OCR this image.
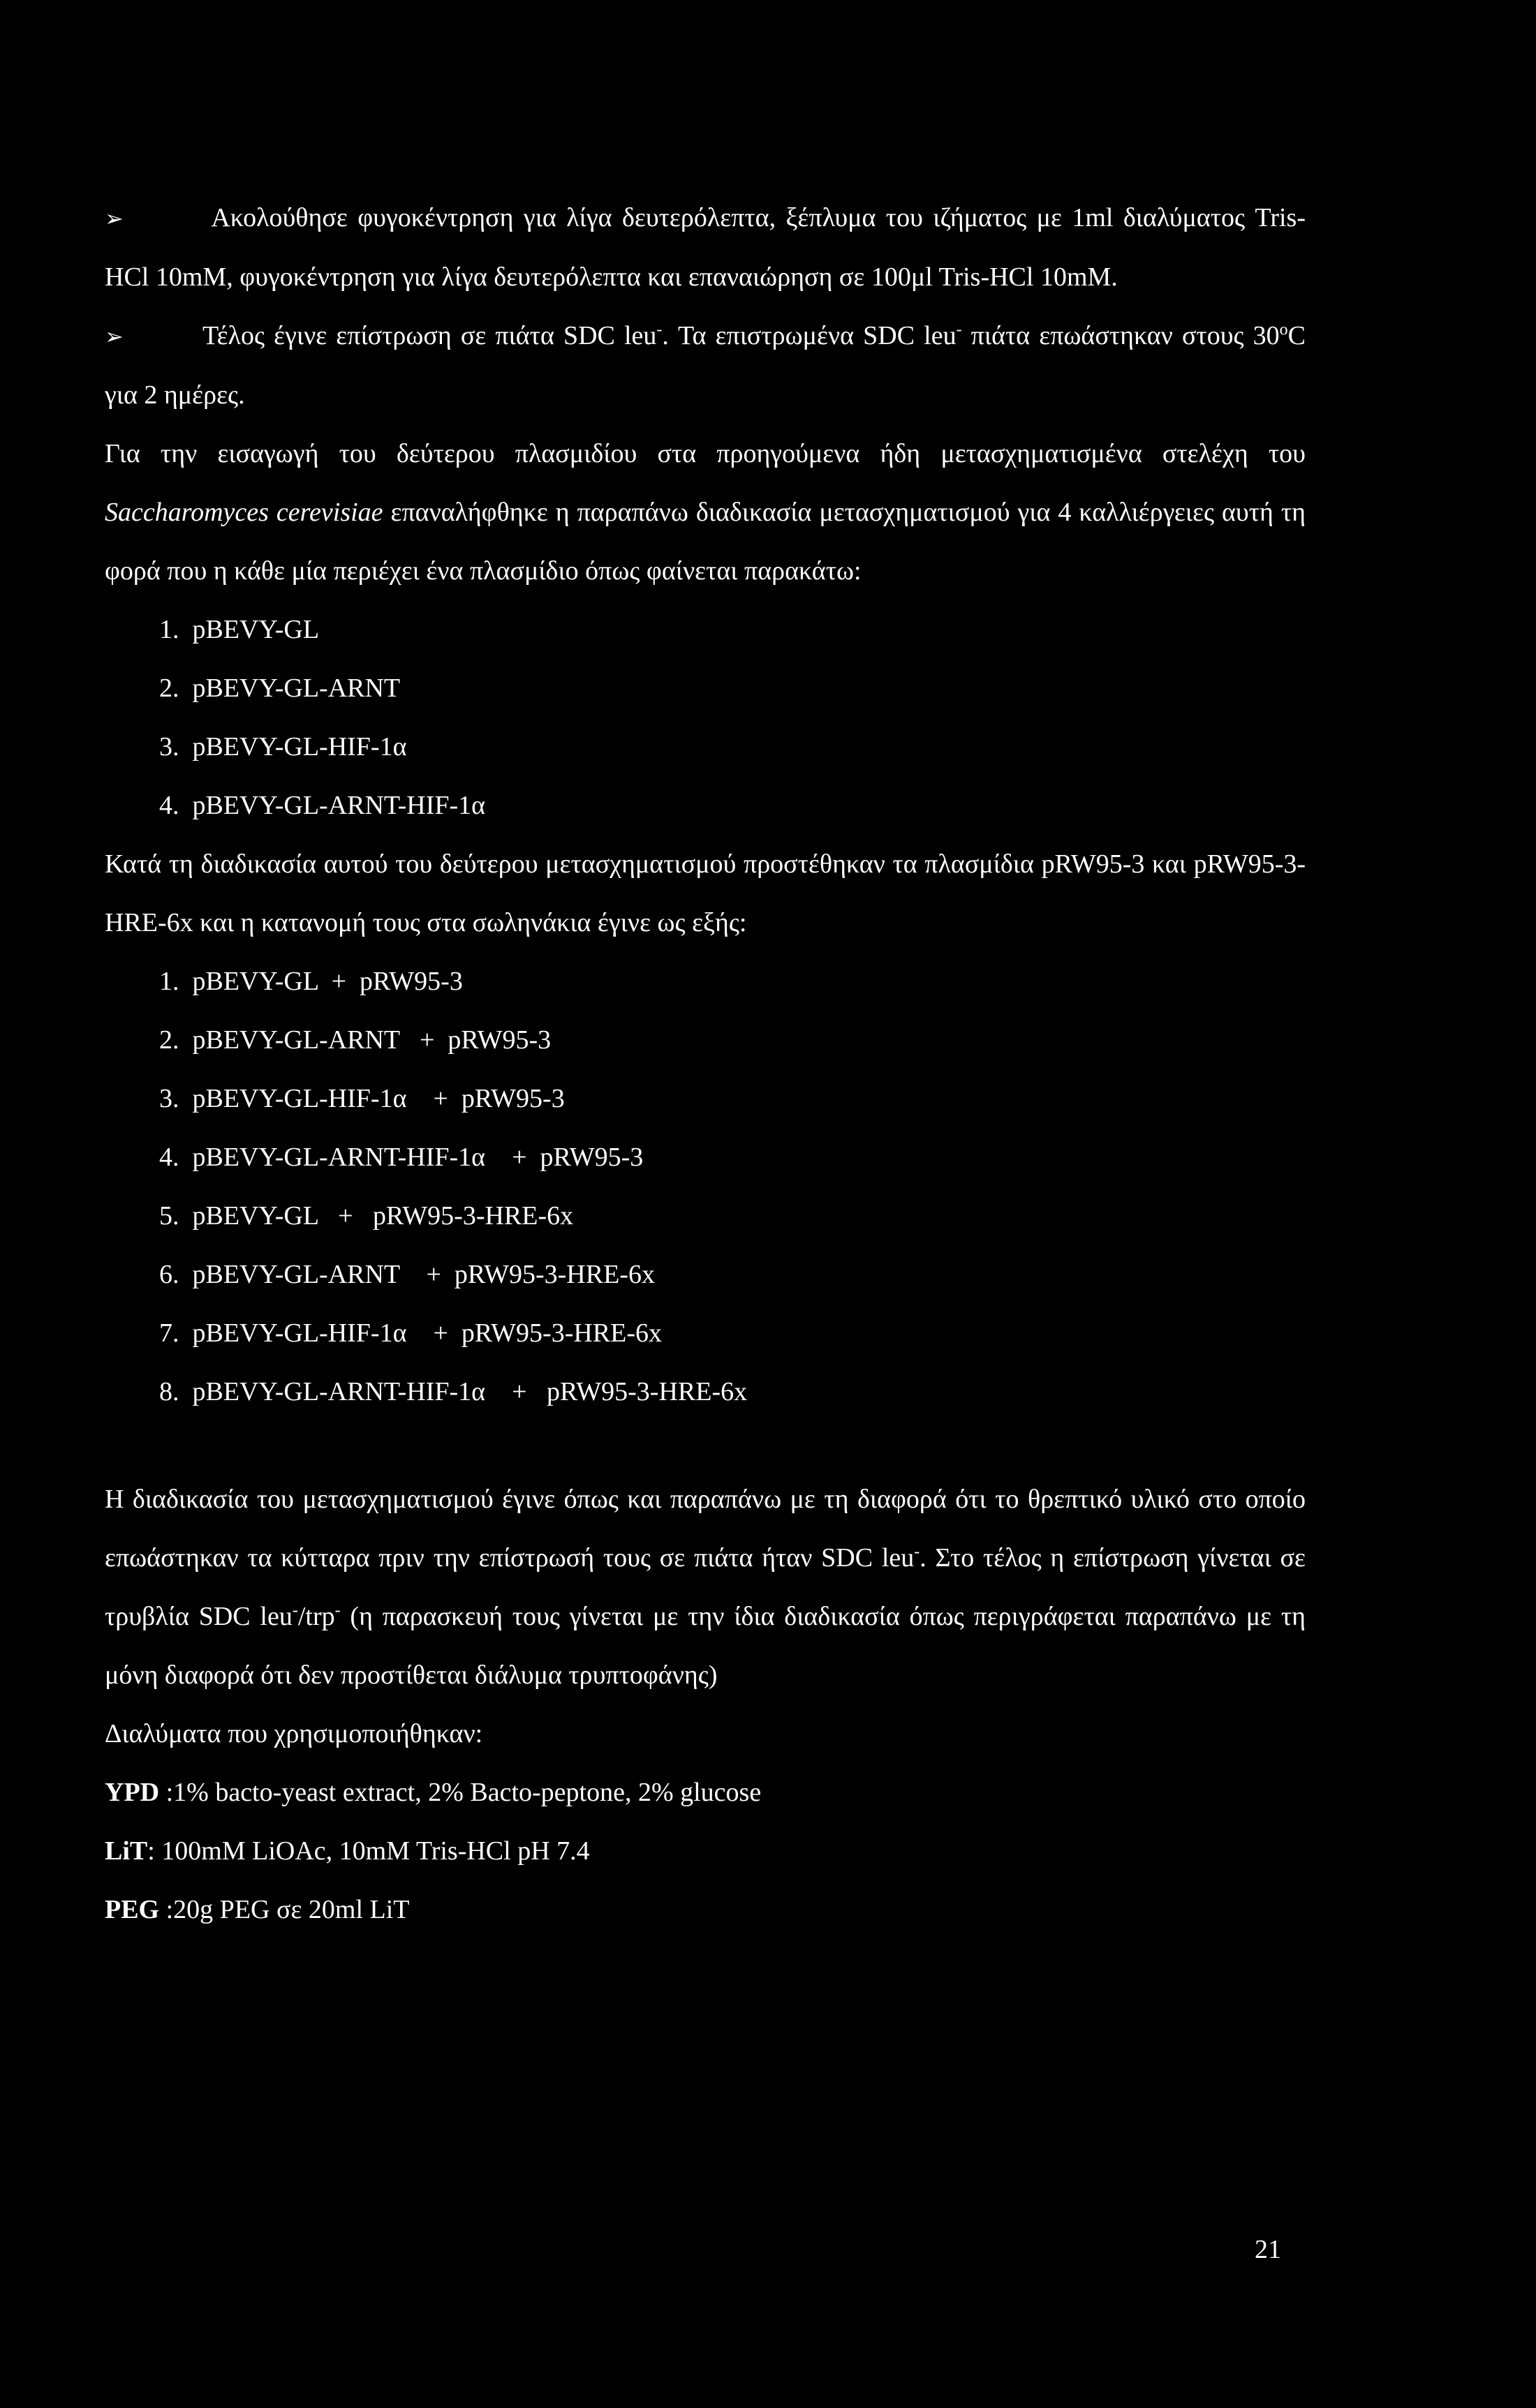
➢	Ακολούθησε φυγοκέντρηση για λίγα δευτερόλεπτα, ξέπλυμα του ιζήματος με 1ml διαλύματος Tris-HCl 10mM, φυγοκέντρηση για λίγα δευτερόλεπτα και επαναιώρηση σε 100μl Tris-HCl 10mM.
➢	Τέλος έγινε επίστρωση σε πιάτα SDC leu-. Τα επιστρωμένα SDC leu- πιάτα επωάστηκαν στους 30$^o$C για 2 ημέρες.

Για την εισαγωγή του δεύτερου πλασμιδίου στα προηγούμενα ήδη μετασχηματισμένα στελέχη του Saccharomyces cerevisiae επαναλήφθηκε η παραπάνω διαδικασία μετασχηματισμού για 4 καλλιέργειες αυτή τη φορά που η κάθε μία περιέχει ένα πλασμίδιο όπως φαίνεται παρακάτω:

1.  pBEVY-GL
2.  pBEVY-GL-ARNT
3.  pBEVY-GL-HIF-1α
4.  pBEVY-GL-ARNT-HIF-1α

Κατά τη διαδικασία αυτού του δεύτερου μετασχηματισμού προστέθηκαν τα πλασμίδια pRW95-3 και pRW95-3-HRE-6x και η κατανομή τους στα σωληνάκια έγινε ως εξής:

1.  pBEVY-GL  +  pRW95-3
2.  pBEVY-GL-ARNT   +  pRW95-3
3.  pBEVY-GL-HIF-1α    +  pRW95-3
4.  pBEVY-GL-ARNT-HIF-1α    +  pRW95-3
5.  pBEVY-GL   +   pRW95-3-HRE-6x
6.  pBEVY-GL-ARNT    +  pRW95-3-HRE-6x
7.  pBEVY-GL-HIF-1α    +  pRW95-3-HRE-6x
8.  pBEVY-GL-ARNT-HIF-1α    +   pRW95-3-HRE-6x

Η διαδικασία του μετασχηματισμού έγινε όπως και παραπάνω με τη διαφορά ότι το θρεπτικό υλικό στο οποίο επωάστηκαν τα κύτταρα πριν την επίστρωσή τους σε πιάτα ήταν SDC leu-. Στο τέλος η επίστρωση γίνεται σε τρυβλία SDC leu-/trp- (η παρασκευή τους γίνεται με την ίδια διαδικασία όπως περιγράφεται παραπάνω με τη μόνη διαφορά ότι δεν προστίθεται διάλυμα τρυπτοφάνης)

Διαλύματα που χρησιμοποιήθηκαν:
YPD :1% bacto-yeast extract, 2% Bacto-peptone, 2% glucose
LiT: 100mM LiOAc, 10mM Tris-HCl pH 7.4
PEG :20g PEG σε 20ml LiT
21
